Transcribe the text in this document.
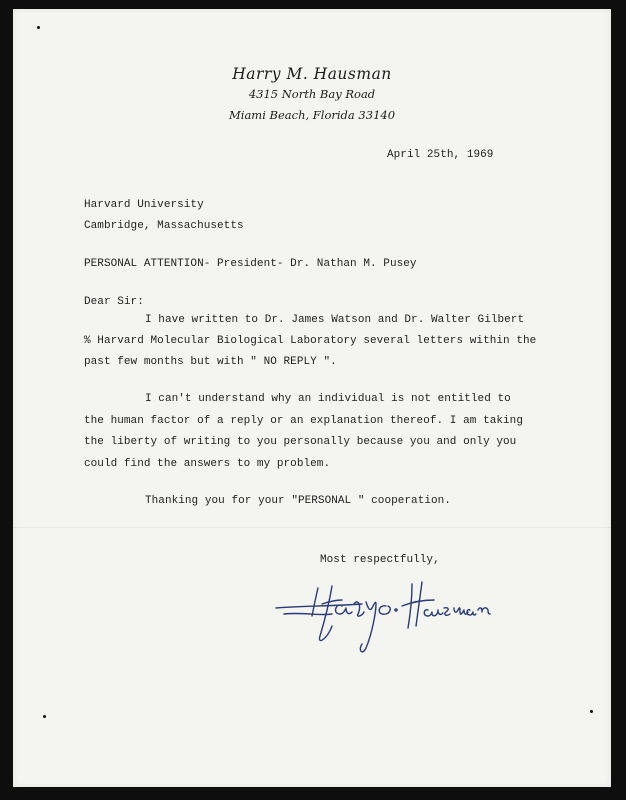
Harry M. Hausman
4315 North Bay Road
Miami Beach, Florida 33140
April 25th, 1969
Harvard University
Cambridge, Massachusetts
PERSONAL ATTENTION- President- Dr. Nathan M. Pusey
Dear Sir:
I have written to Dr. James Watson and Dr. Walter Gilbert
% Harvard Molecular Biological Laboratory several letters within the
past few months but with " NO REPLY ".
I can't understand why an individual is not entitled to
the human factor of a reply or an explanation thereof. I am taking
the liberty of writing to you personally because you and only you
could find the answers to my problem.
Thanking you for your "PERSONAL " cooperation.
Most respectfully,
Harry M. Hausman
